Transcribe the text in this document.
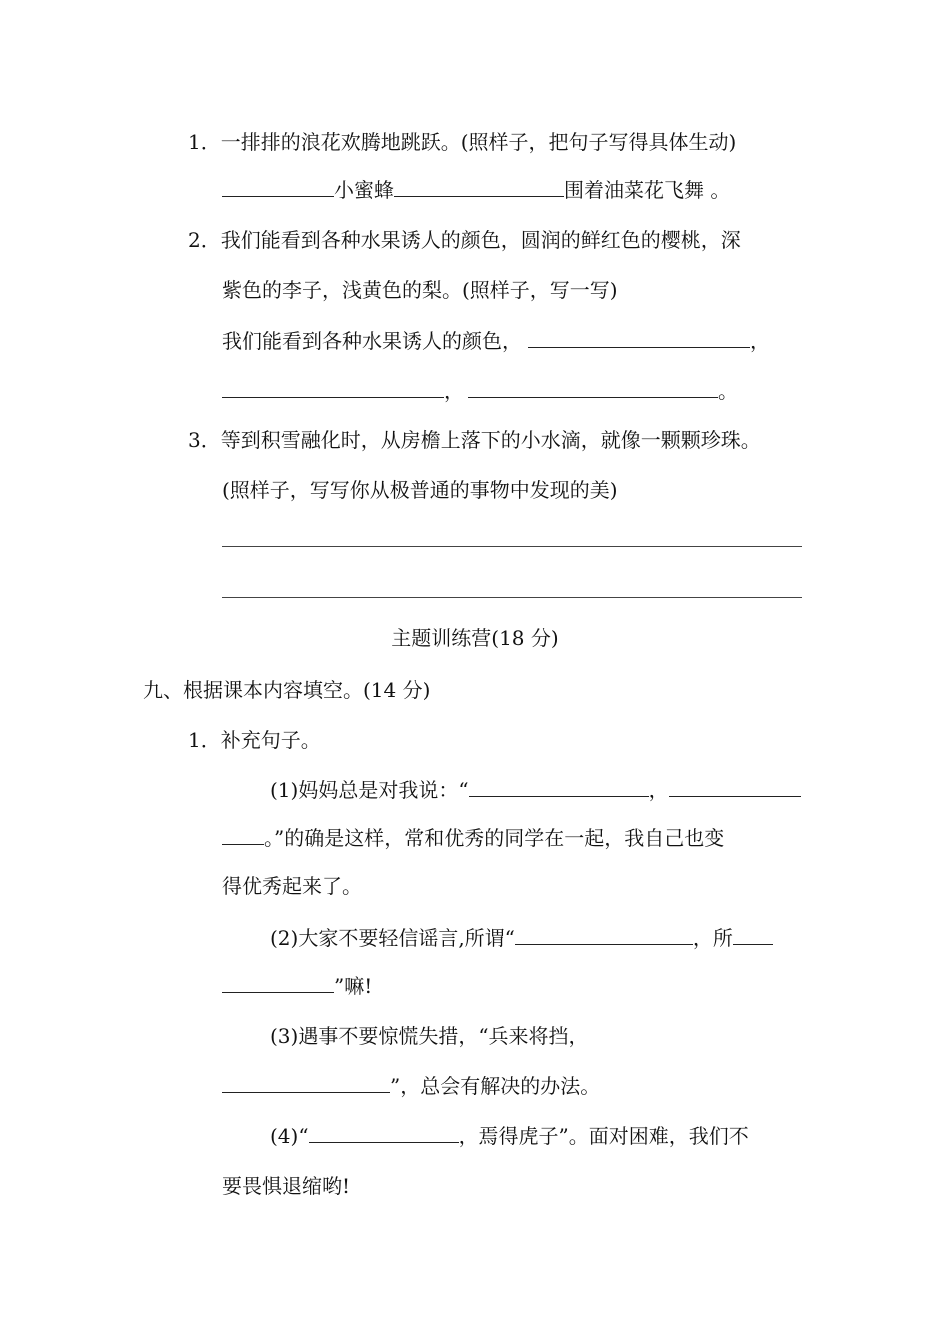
1．一排排的浪花欢腾地跳跃。(照样子，把句子写得具体生动)
小蜜蜂	围着油菜花飞舞 。
2．我们能看到各种水果诱人的颜色，圆润的鲜红色的樱桃，深
紫色的李子，浅黄色的梨。(照样子，写一写)
我们能看到各种水果诱人的颜色，	，
，	。
3．等到积雪融化时，从房檐上落下的小水滴，就像一颗颗珍珠。
(照样子，写写你从极普通的事物中发现的美)
主题训练营(18 分)
九、根据课本内容填空。(14 分)
1．补充句子。
(1)妈妈总是对我说：“	，
。”的确是这样，常和优秀的同学在一起，我自己也变
得优秀起来了。
(2)大家不要轻信谣言,所谓“	，所
”嘛!
(3)遇事不要惊慌失措，“兵来将挡，
”，总会有解决的办法。
(4)“	，焉得虎子”。面对困难，我们不
要畏惧退缩哟!
